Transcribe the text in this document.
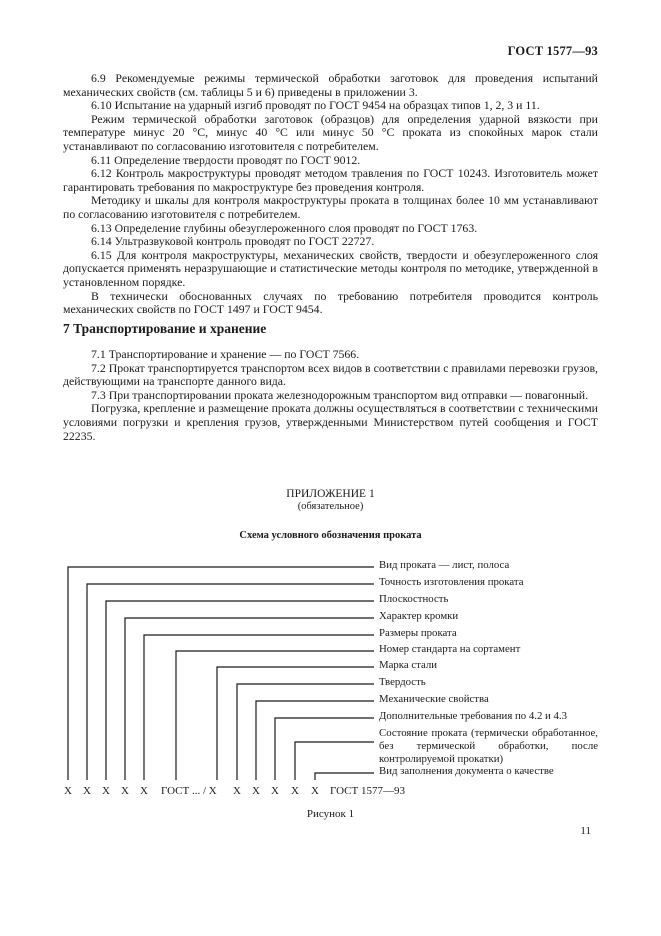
ГОСТ 1577—93

6.9 Рекомендуемые режимы термической обработки заготовок для проведения испытаний механических свойств (см. таблицы 5 и 6) приведены в приложении 3.

6.10 Испытание на ударный изгиб проводят по ГОСТ 9454 на образцах типов 1, 2, 3 и 11.

Режим термической обработки заготовок (образцов) для определения ударной вязкости при температуре минус 20 °С, минус 40 °С или минус 50 °С проката из спокойных марок стали устанавливают по согласованию изготовителя с потребителем.

6.11 Определение твердости проводят по ГОСТ 9012.

6.12 Контроль макроструктуры проводят методом травления по ГОСТ 10243. Изготовитель может гарантировать требования по макроструктуре без проведения контроля.

Методику и шкалы для контроля макроструктуры проката в толщинах более 10 мм устанавливают по согласованию изготовителя с потребителем.

6.13 Определение глубины обезуглероженного слоя проводят по ГОСТ 1763.

6.14 Ультразвуковой контроль проводят по ГОСТ 22727.

6.15 Для контроля макроструктуры, механических свойств, твердости и обезуглероженного слоя допускается применять неразрушающие и статистические методы контроля по методике, утвержденной в установленном порядке.

В технически обоснованных случаях по требованию потребителя проводится контроль механических свойств по ГОСТ 1497 и ГОСТ 9454.

7 Транспортирование и хранение

7.1 Транспортирование и хранение — по ГОСТ 7566.

7.2 Прокат транспортируется транспортом всех видов в соответствии с правилами перевозки грузов, действующими на транспорте данного вида.

7.3 При транспортировании проката железнодорожным транспортом вид отправки — повагонный.

Погрузка, крепление и размещение проката должны осуществляться в соответствии с техническими условиями погрузки и крепления грузов, утвержденными Министерством путей сообщения и ГОСТ 22235.

ПРИЛОЖЕНИЕ 1
(обязательное)
Схема условного обозначения проката
Вид проката — лист, полоса
Точность изготовления проката
Плоскостность
Характер кромки
Размеры проката
Номер стандарта на сортамент
Марка стали
Твердость
Механические свойства
Дополнительные требования по 4.2 и 4.3
Состояние проката (термически обработанное, без термической обработки, после контролируемой прокатки)
Вид заполнения документа о качестве
Х Х Х Х Х ГОСТ ... / Х Х Х Х Х Х ГОСТ 1577—93
Рисунок 1
11
